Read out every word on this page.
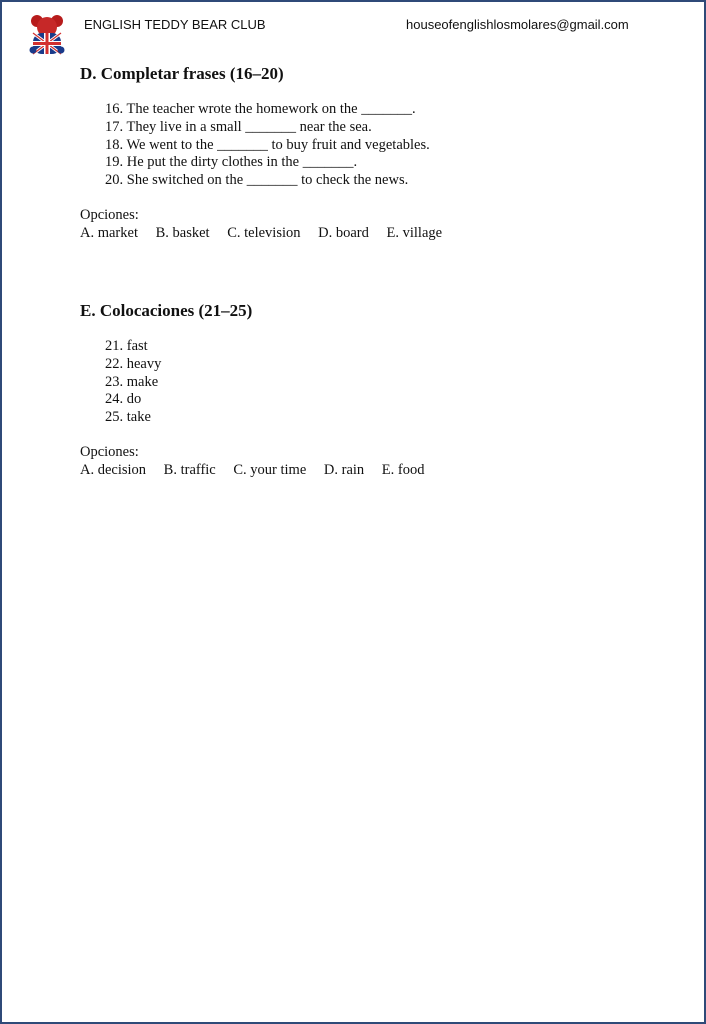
ENGLISH TEDDY BEAR CLUB	houseofenglishlosmolares@gmail.com
D. Completar frases (16–20)
16. The teacher wrote the homework on the _______.
17. They live in a small _______ near the sea.
18. We went to the _______ to buy fruit and vegetables.
19. He put the dirty clothes in the _______.
20. She switched on the _______ to check the news.
Opciones:
A. market B. basket C. television D. board E. village
E. Colocaciones (21–25)
21. fast
22. heavy
23. make
24. do
25. take
Opciones:
A. decision B. traffic C. your time D. rain E. food
